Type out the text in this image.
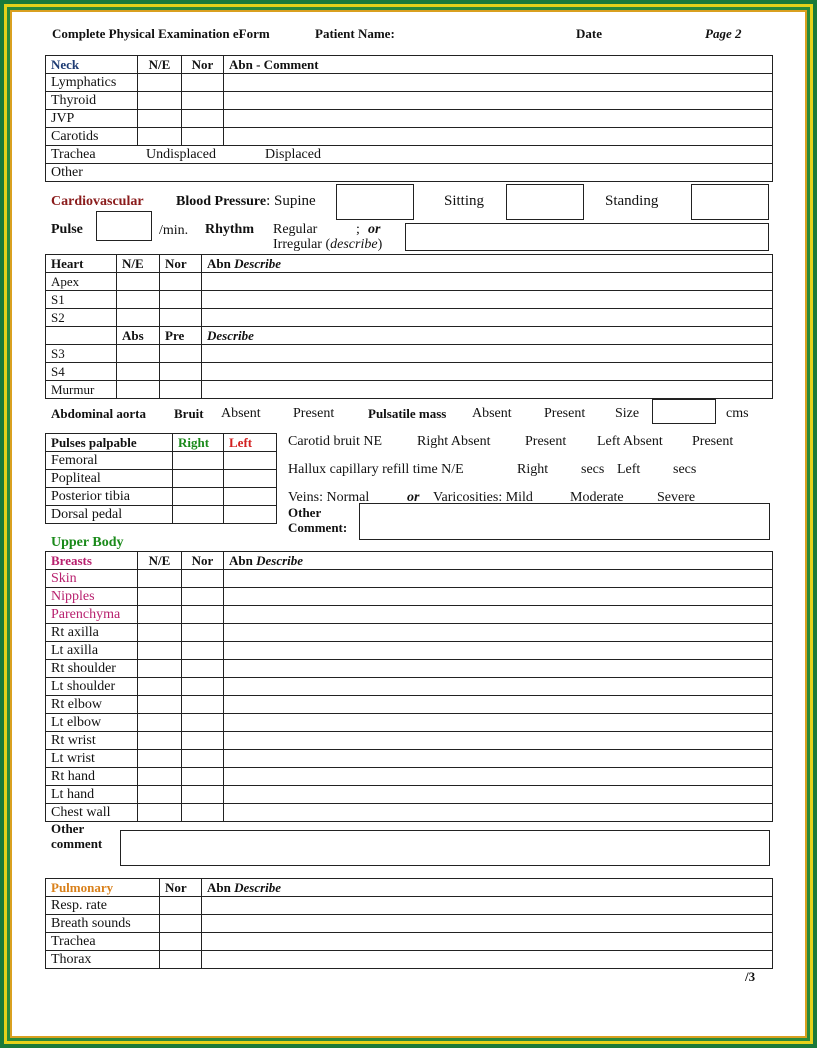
Complete Physical Examination eForm	Patient Name:	Date	Page 2
Neck	N/E	Nor	Abn - Comment
Lymphatics			
Thyroid			
JVP			
Carotids			
Trachea Undisplaced Displaced			

Other			
Cardiovascular Blood Pressure: Supine	Sitting	Standing
Pulse	/min. Rhythm Regular	; or
Irregular (describe)
Heart	N/E	Nor	Abn Describe
Apex			
S1			
S2			
	Abs	Pre	Describe
S3			
S4			
Murmur			
Abdominal aorta Bruit Absent Present	Pulsatile mass Absent Present Size	cms
Pulses palpable	Right	Left
Femoral		
Popliteal		
Posterior tibia		
Dorsal pedal		
Carotid bruit NE Right Absent Present Left Absent Present
Hallux capillary refill time N/E	Right secs Left secs
Veins: Normal	or Varicosities: Mild	Moderate Severe
Other
Comment:
Upper Body
Breasts	N/E	Nor	Abn Describe
Skin			
Nipples			
Parenchyma			
Rt axilla			
Lt axilla			
Rt shoulder			
Lt shoulder			
Rt elbow			
Lt elbow			
Rt wrist			
Lt wrist			
Rt hand			
Lt hand			
Chest wall			
Other
comment
Pulmonary	Nor	Abn Describe
Resp. rate		
Breath sounds		
Trachea		
Thorax		
/3
